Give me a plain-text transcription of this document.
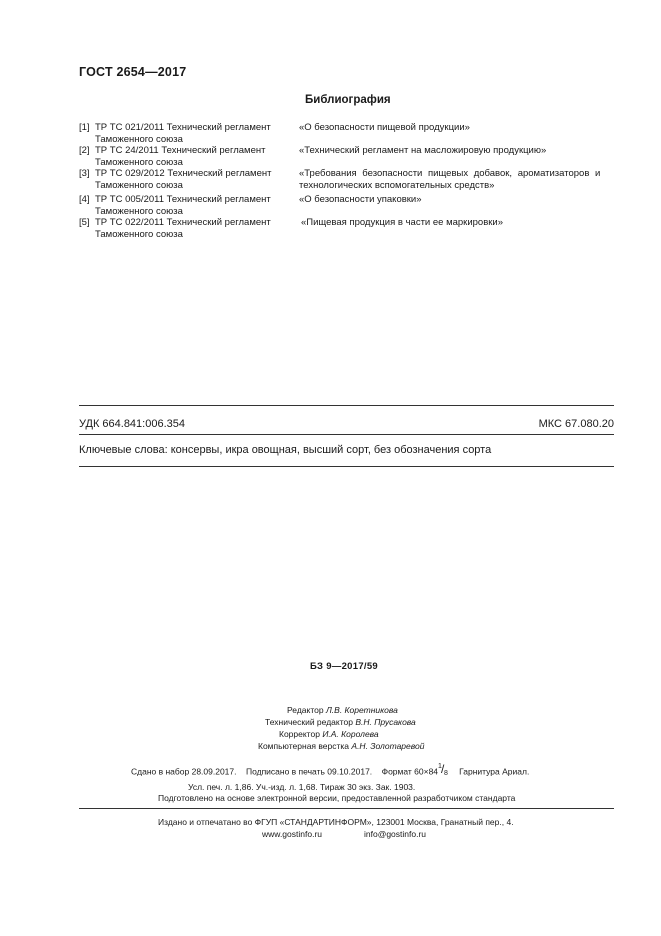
ГОСТ 2654—2017
Библиография
[1] ТР ТС 021/2011 Технический регламент
Таможенного союза
«О безопасности пищевой продукции»
[2] ТР ТС 24/2011 Технический регламент
Таможенного союза
«Технический регламент на масложировую продукцию»
[3] ТР ТС 029/2012 Технический регламент
Таможенного союза
«Требования безопасности пищевых добавок, ароматизаторов и
технологических вспомогательных средств»
[4] ТР ТС 005/2011 Технический регламент
Таможенного союза
«О безопасности упаковки»
[5] ТР ТС 022/2011 Технический регламент
Таможенного союза
«Пищевая продукция в части ее маркировки»
УДК 664.841:006.354	МКС 67.080.20
Ключевые слова: консервы, икра овощная, высший сорт, без обозначения сорта
БЗ 9—2017/59
Редактор Л.В. Коретникова
Технический редактор В.Н. Прусакова
Корректор И.А. Королева
Компьютерная верстка А.Н. Золотаревой
Сдано в набор 28.09.2017. Подписано в печать 09.10.2017. Формат 60×84 1 / 8 Гарнитура Ариал.
Усл. печ. л. 1,86. Уч.-изд. л. 1,68. Тираж 30 экз. Зак. 1903.
Подготовлено на основе электронной версии, предоставленной разработчиком стандарта
Издано и отпечатано во ФГУП «СТАНДАРТИНФОРМ», 123001 Москва, Гранатный пер., 4.
www.gostinfo.ru	info@gostinfo.ru
